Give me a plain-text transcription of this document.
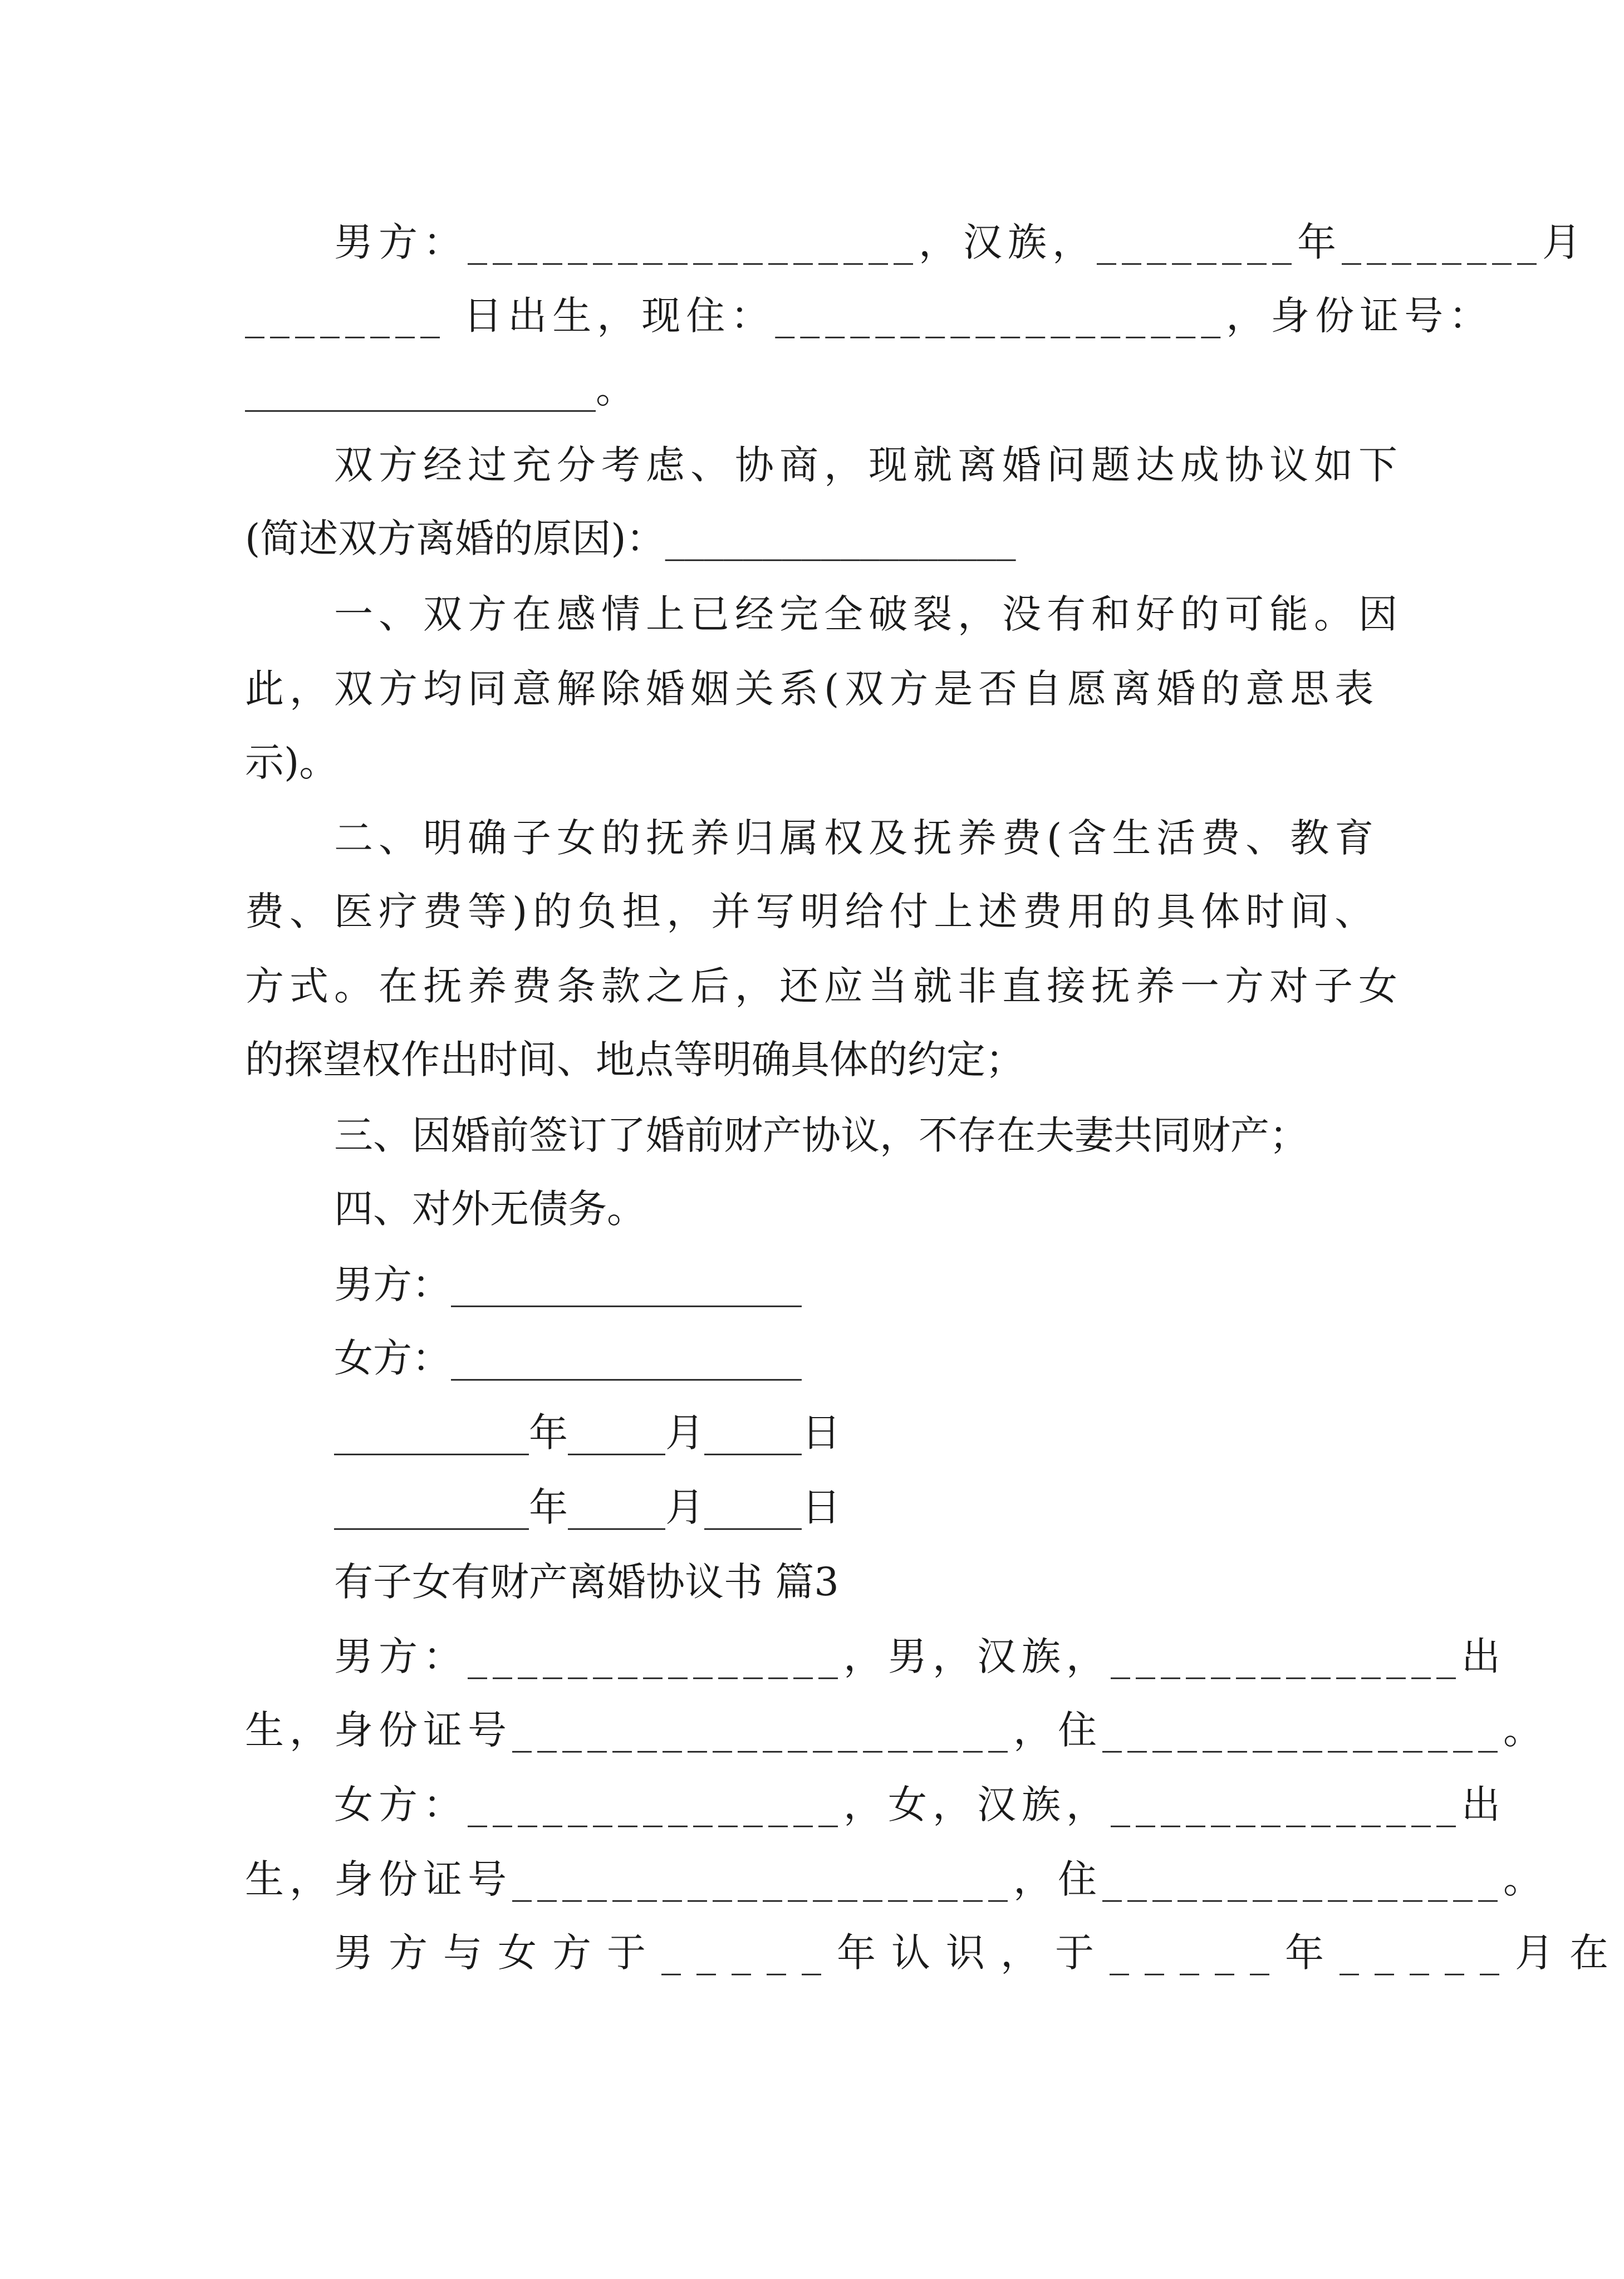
男方：__________________，汉族，________年________月
________ 日出生，现住：__________________，身份证号：
__________________。
双方经过充分考虑、协商，现就离婚问题达成协议如下
(简述双方离婚的原因)：__________________
一、双方在感情上已经完全破裂，没有和好的可能。因
此，双方均同意解除婚姻关系(双方是否自愿离婚的意思表
示)。
二、明确子女的抚养归属权及抚养费(含生活费、教育
费、医疗费等)的负担，并写明给付上述费用的具体时间、
方式。在抚养费条款之后，还应当就非直接抚养一方对子女
的探望权作出时间、地点等明确具体的约定；
三、因婚前签订了婚前财产协议，不存在夫妻共同财产；
四、对外无债务。
男方：__________________
女方：__________________
__________年_____月_____日
__________年_____月_____日
有子女有财产离婚协议书 篇3
男方：_______________，男，汉族，______________出
生，身份证号____________________，住________________。
女方：_______________，女，汉族，______________出
生，身份证号____________________，住________________。
男方与女方于_____年认识，于_____年_____月在
